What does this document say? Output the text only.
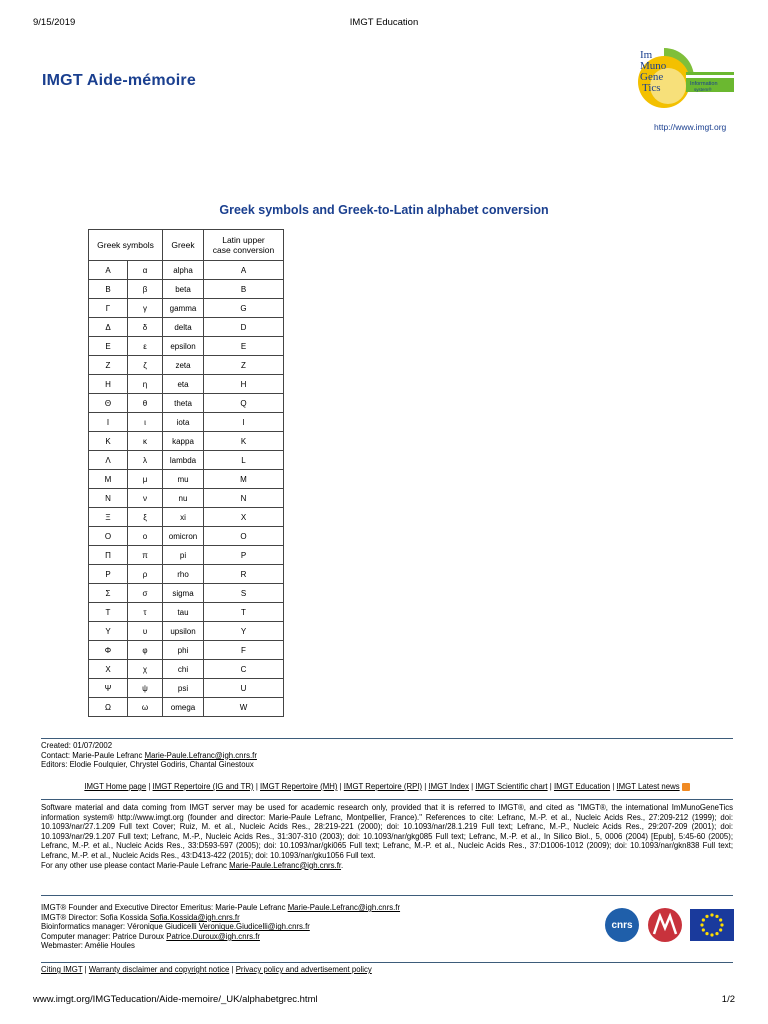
9/15/2019	IMGT Education
IMGT Aide-mémoire
Im
Muno
Gene
Tics	Information
system®
http://www.imgt.org
Greek symbols and Greek-to-Latin alphabet conversion
Greek symbols		Greek	Latin upper
case conversion
Α	α	alpha	A
Β	β	beta	B
Γ	γ	gamma	G
Δ	δ	delta	D
Ε	ε	epsilon	E
Ζ	ζ	zeta	Z
Η	η	eta	H
Θ	θ	theta	Q
Ι	ι	iota	I
Κ	κ	kappa	K
Λ	λ	lambda	L
Μ	μ	mu	M
Ν	ν	nu	N
Ξ	ξ	xi	X
Ο	ο	omicron	O
Π	π	pi	P
Ρ	ρ	rho	R
Σ	σ	sigma	S
Τ	τ	tau	T
Υ	υ	upsilon	Y
Φ	φ	phi	F
Χ	χ	chi	C
Ψ	ψ	psi	U
Ω	ω	omega	W
Created: 01/07/2002
Contact: Marie-Paule Lefranc Marie-Paule.Lefranc@igh.cnrs.fr
Editors: Elodie Foulquier, Chrystel Godiris, Chantal Ginestoux
IMGT Home page | IMGT Repertoire (IG and TR) | IMGT Repertoire (MH) | IMGT Repertoire (RPI) | IMGT Index | IMGT Scientific chart | IMGT Education | IMGT Latest news
Software material and data coming from IMGT server may be used for academic research only, provided that it is referred to IMGT®, and cited as "IMGT®, the international ImMunoGeneTics information system® http://www.imgt.org (founder and director: Marie-Paule Lefranc, Montpellier, France)." References to cite: Lefranc, M.-P. et al., Nucleic Acids Res., 27:209-212 (1999); doi: 10.1093/nar/27.1.209 Full text Cover; Ruiz, M. et al., Nucleic Acids Res., 28:219-221 (2000); doi: 10.1093/nar/28.1.219 Full text; Lefranc, M.-P., Nucleic Acids Res., 29:207-209 (2001); doi: 10.1093/nar/29.1.207 Full text; Lefranc, M.-P., Nucleic Acids Res., 31:307-310 (2003); doi: 10.1093/nar/gkg085 Full text; Lefranc, M.-P. et al., In Silico Biol., 5, 0006 (2004) [Epub], 5:45-60 (2005); Lefranc, M.-P. et al., Nucleic Acids Res., 33:D593-597 (2005); doi: 10.1093/nar/gki065 Full text; Lefranc, M.-P. et al., Nucleic Acids Res., 37:D1006-1012 (2009); doi: 10.1093/nar/gkn838 Full text; Lefranc, M.-P. et al., Nucleic Acids Res., 43:D413-422 (2015); doi: 10.1093/nar/gku1056 Full text.
For any other use please contact Marie-Paule Lefranc Marie-Paule.Lefranc@igh.cnrs.fr.
IMGT® Founder and Executive Director Emeritus: Marie-Paule Lefranc Marie-Paule.Lefranc@igh.cnrs.fr
IMGT® Director: Sofia Kossida Sofia.Kossida@igh.cnrs.fr
Bioinformatics manager: Véronique Giudicelli Veronique.Giudicelli@igh.cnrs.fr
Computer manager: Patrice Duroux Patrice.Duroux@igh.cnrs.fr
Webmaster: Amélie Houles
cnrs
Citing IMGT | Warranty disclaimer and copyright notice | Privacy policy and advertisement policy
www.imgt.org/IMGTeducation/Aide-memoire/_UK/alphabetgrec.html	1/2
